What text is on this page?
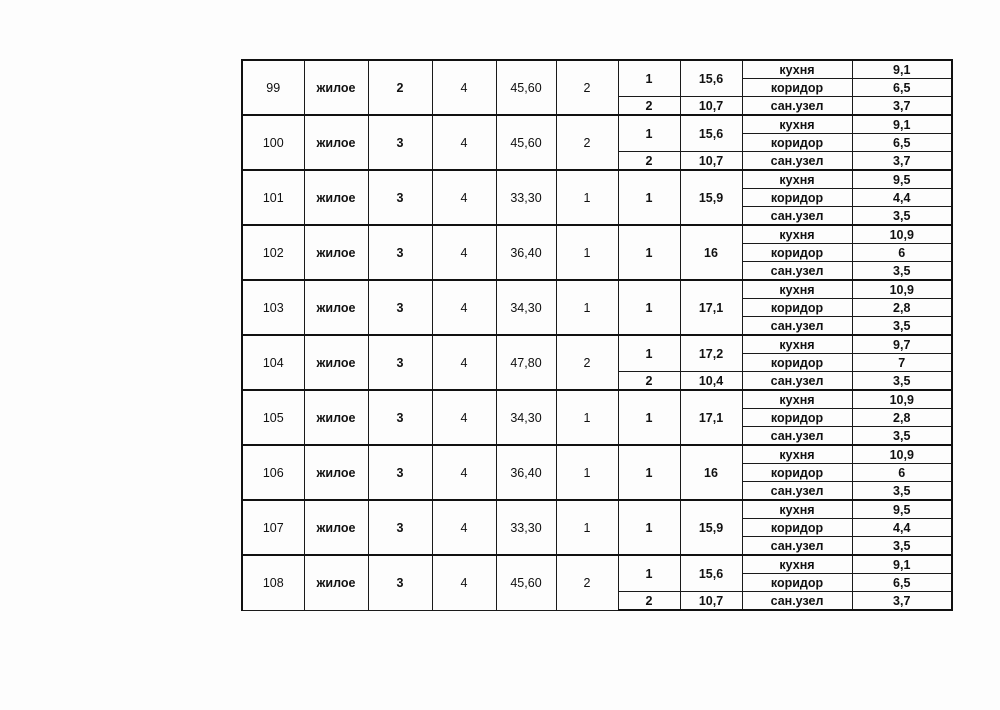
99	жилое	2	4	45,60	2	1	15,6	кухня	9,1
								коридор	6,5
						2	10,7	сан.узел	3,7
100	жилое	3	4	45,60	2	1	15,6	кухня	9,1
								коридор	6,5
						2	10,7	сан.узел	3,7
101	жилое	3	4	33,30	1	1	15,9	кухня	9,5
								коридор	4,4
								сан.узел	3,5
102	жилое	3	4	36,40	1	1	16	кухня	10,9
								коридор	6
								сан.узел	3,5
103	жилое	3	4	34,30	1	1	17,1	кухня	10,9
								коридор	2,8
								сан.узел	3,5
104	жилое	3	4	47,80	2	1	17,2	кухня	9,7
								коридор	7
						2	10,4	сан.узел	3,5
105	жилое	3	4	34,30	1	1	17,1	кухня	10,9
								коридор	2,8
								сан.узел	3,5
106	жилое	3	4	36,40	1	1	16	кухня	10,9
								коридор	6
								сан.узел	3,5
107	жилое	3	4	33,30	1	1	15,9	кухня	9,5
								коридор	4,4
								сан.узел	3,5
108	жилое	3	4	45,60	2	1	15,6	кухня	9,1
								коридор	6,5
						2	10,7	сан.узел	3,7
